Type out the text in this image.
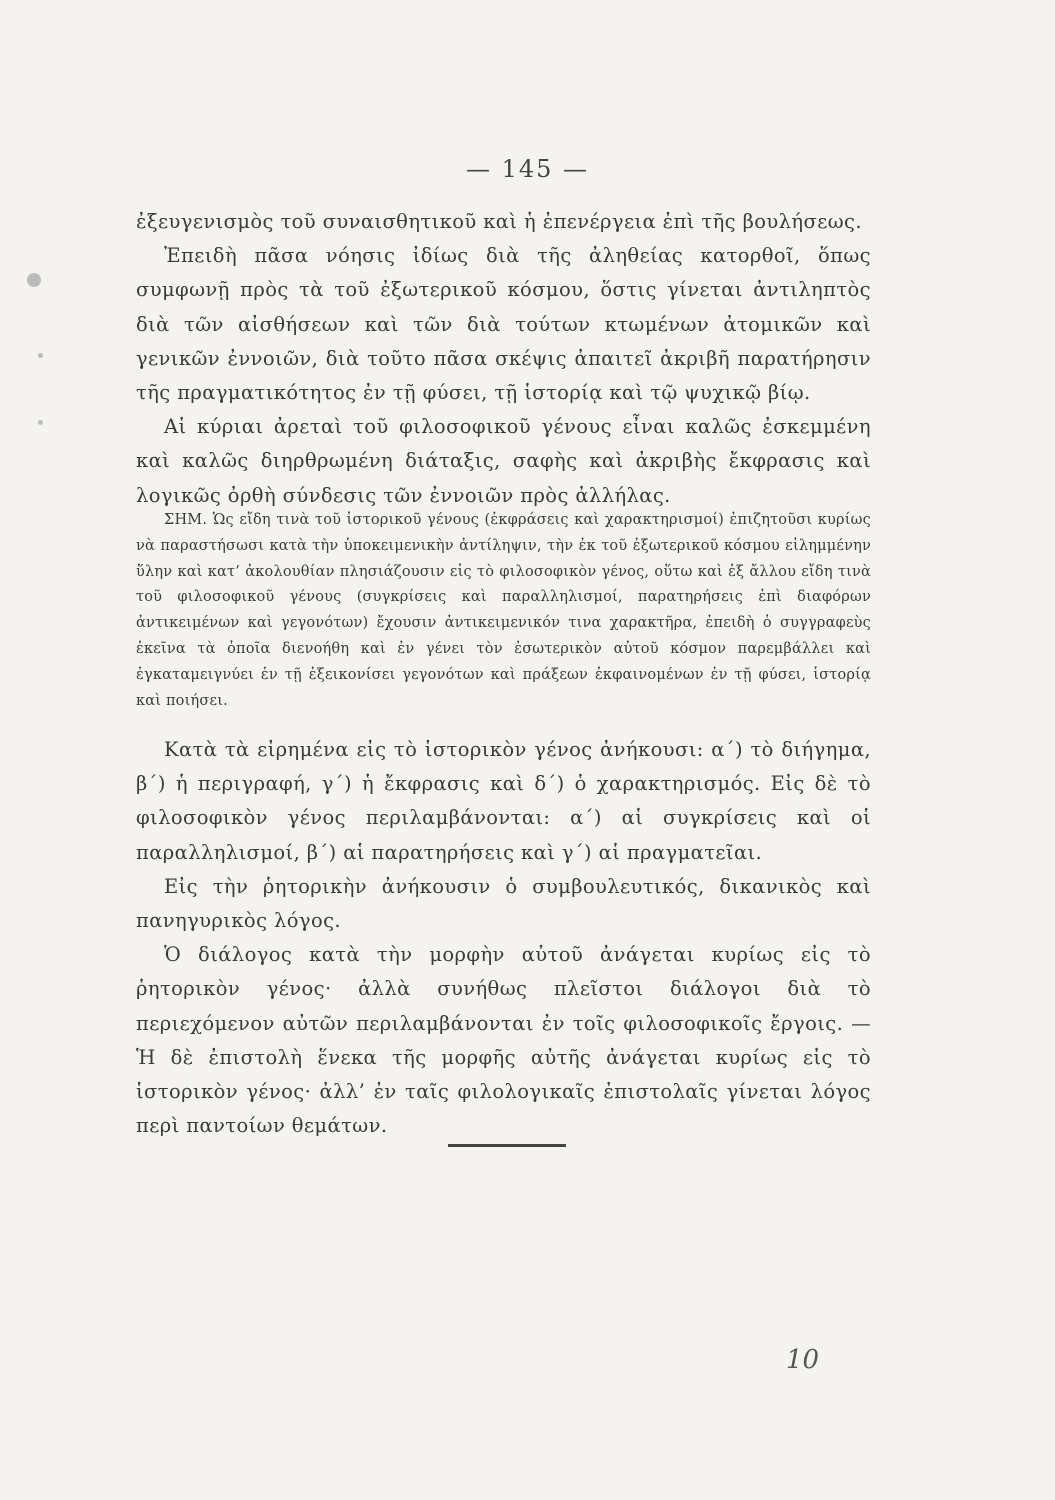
— 145 —

ἐξευγενισμὸς τοῦ συναισθητικοῦ καὶ ἡ ἐπενέργεια ἐπὶ τῆς βουλήσεως.

Ἐπειδὴ πᾶσα νόησις ἰδίως διὰ τῆς ἀληθείας κατορθοῖ, ὅπως συμφωνῇ πρὸς τὰ τοῦ ἐξωτερικοῦ κόσμου, ὅστις γίνεται ἀντιληπτὸς διὰ τῶν αἰσθήσεων καὶ τῶν διὰ τούτων κτωμένων ἀτομικῶν καὶ γενικῶν ἐννοιῶν, διὰ τοῦτο πᾶσα σκέψις ἀπαιτεῖ ἀκριβῆ παρατήρησιν τῆς πραγματικότητος ἐν τῇ φύσει, τῇ ἱστορίᾳ καὶ τῷ ψυχικῷ βίῳ.

Αἱ κύριαι ἀρεταὶ τοῦ φιλοσοφικοῦ γένους εἶναι καλῶς ἐσκεμμένη καὶ καλῶς διηρθρωμένη διάταξις, σαφὴς καὶ ἀκριβὴς ἔκφρασις καὶ λογικῶς ὀρθὴ σύνδεσις τῶν ἐννοιῶν πρὸς ἀλλήλας.

ΣΗΜ. Ὡς εἴδη τινὰ τοῦ ἱστορικοῦ γένους (ἐκφράσεις καὶ χαρακτηρισμοί) ἐπιζητοῦσι κυρίως νὰ παραστήσωσι κατὰ τὴν ὑποκειμενικὴν ἀντίληψιν, τὴν ἐκ τοῦ ἐξωτερικοῦ κόσμου εἰλημμένην ὕλην καὶ κατ’ ἀκολουθίαν πλησιάζουσιν εἰς τὸ φιλοσοφικὸν γένος, οὕτω καὶ ἐξ ἄλλου εἴδη τινὰ τοῦ φιλοσοφικοῦ γένους (συγκρίσεις καὶ παραλληλισμοί, παρατηρήσεις ἐπὶ διαφόρων ἀντικειμένων καὶ γεγονότων) ἔχουσιν ἀντικειμενικόν τινα χαρακτῆρα, ἐπειδὴ ὁ συγγραφεὺς ἐκεῖνα τὰ ὁποῖα διενοήθη καὶ ἐν γένει τὸν ἐσωτερικὸν αὐτοῦ κόσμον παρεμβάλλει καὶ ἐγκαταμειγνύει ἐν τῇ ἐξεικονίσει γεγονότων καὶ πράξεων ἐκφαινομένων ἐν τῇ φύσει, ἱστορίᾳ καὶ ποιήσει.

Κατὰ τὰ εἰρημένα εἰς τὸ ἱστορικὸν γένος ἀνήκουσι: α΄) τὸ διήγημα, β΄) ἡ περιγραφή, γ΄) ἡ ἔκφρασις καὶ δ΄) ὁ χαρακτηρισμός. Εἰς δὲ τὸ φιλοσοφικὸν γένος περιλαμβάνονται: α΄) αἱ συγκρίσεις καὶ οἱ παραλληλισμοί, β΄) αἱ παρατηρήσεις καὶ γ΄) αἱ πραγματεῖαι.

Εἰς τὴν ῥητορικὴν ἀνήκουσιν ὁ συμβουλευτικός, δικανικὸς καὶ πανηγυρικὸς λόγος.

Ὁ διάλογος κατὰ τὴν μορφὴν αὐτοῦ ἀνάγεται κυρίως εἰς τὸ ῥητορικὸν γένος· ἀλλὰ συνήθως πλεῖστοι διάλογοι διὰ τὸ περιεχόμενον αὐτῶν περιλαμβάνονται ἐν τοῖς φιλοσοφικοῖς ἔργοις. — Ἡ δὲ ἐπιστολὴ ἕνεκα τῆς μορφῆς αὐτῆς ἀνάγεται κυρίως εἰς τὸ ἱστορικὸν γένος· ἀλλ’ ἐν ταῖς φιλολογικαῖς ἐπιστολαῖς γίνεται λόγος περὶ παντοίων θεμάτων.

10
